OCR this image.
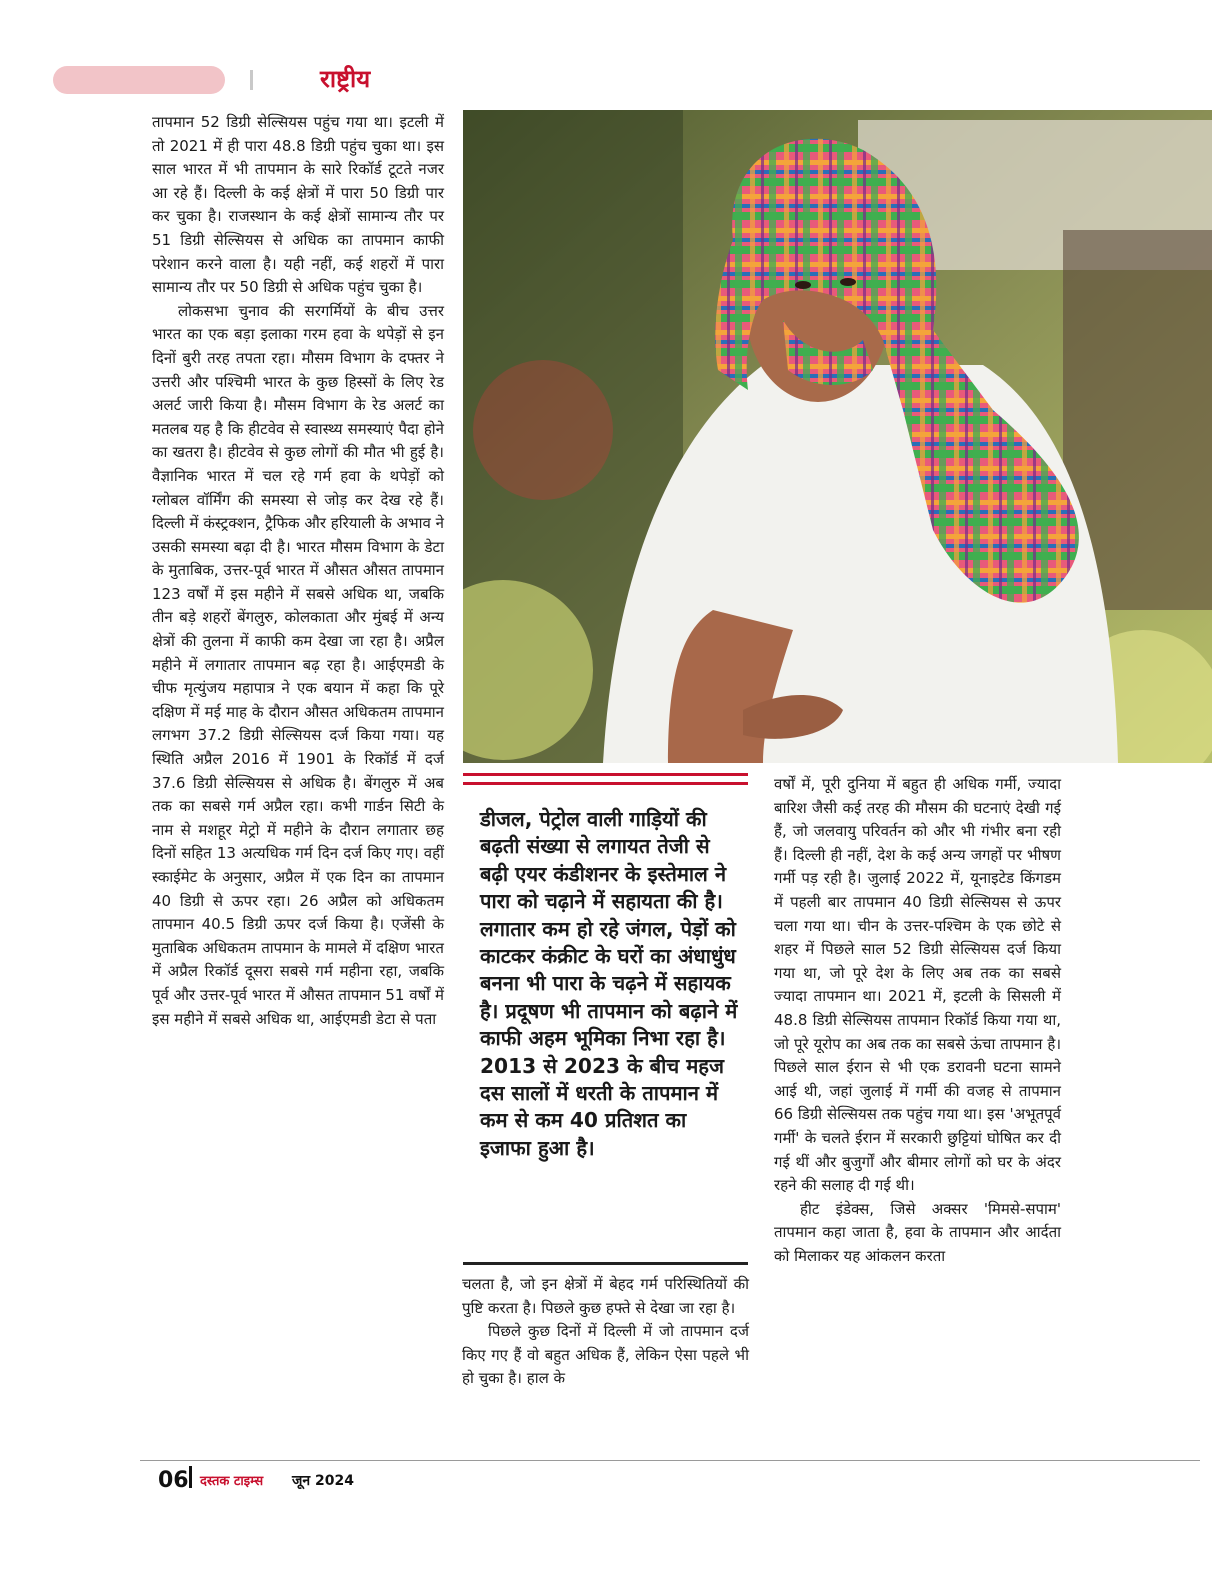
राष्ट्रीय

तापमान 52 डिग्री सेल्सियस पहुंच गया था। इटली में तो 2021 में ही पारा 48.8 डिग्री पहुंच चुका था। इस साल भारत में भी तापमान के सारे रिकॉर्ड टूटते नजर आ रहे हैं। दिल्ली के कई क्षेत्रों में पारा 50 डिग्री पार कर चुका है। राजस्थान के कई क्षेत्रों सामान्य तौर पर 51 डिग्री सेल्सियस से अधिक का तापमान काफी परेशान करने वाला है। यही नहीं, कई शहरों में पारा सामान्य तौर पर 50 डिग्री से अधिक पहुंच चुका है।

लोकसभा चुनाव की सरगर्मियों के बीच उत्तर भारत का एक बड़ा इलाका गरम हवा के थपेड़ों से इन दिनों बुरी तरह तपता रहा। मौसम विभाग के दफ्तर ने उत्तरी और पश्चिमी भारत के कुछ हिस्सों के लिए रेड अलर्ट जारी किया है। मौसम विभाग के रेड अलर्ट का मतलब यह है कि हीटवेव से स्वास्थ्य समस्याएं पैदा होने का खतरा है। हीटवेव से कुछ लोगों की मौत भी हुई है। वैज्ञानिक भारत में चल रहे गर्म हवा के थपेड़ों को ग्लोबल वॉर्मिंग की समस्या से जोड़ कर देख रहे हैं। दिल्ली में कंस्ट्रक्शन, ट्रैफिक और हरियाली के अभाव ने उसकी समस्या बढ़ा दी है। भारत मौसम विभाग के डेटा के मुताबिक, उत्तर-पूर्व भारत में औसत औसत तापमान 123 वर्षों में इस महीने में सबसे अधिक था, जबकि तीन बड़े शहरों बेंगलुरु, कोलकाता और मुंबई में अन्य क्षेत्रों की तुलना में काफी कम देखा जा रहा है। अप्रैल महीने में लगातार तापमान बढ़ रहा है। आईएमडी के चीफ मृत्युंजय महापात्र ने एक बयान में कहा कि पूरे दक्षिण में मई माह के दौरान औसत अधिकतम तापमान लगभग 37.2 डिग्री सेल्सियस दर्ज किया गया। यह स्थिति अप्रैल 2016 में 1901 के रिकॉर्ड में दर्ज 37.6 डिग्री सेल्सियस से अधिक है। बेंगलुरु में अब तक का सबसे गर्म अप्रैल रहा। कभी गार्डन सिटी के नाम से मशहूर मेट्रो में महीने के दौरान लगातार छह दिनों सहित 13 अत्यधिक गर्म दिन दर्ज किए गए। वहीं स्काईमेट के अनुसार, अप्रैल में एक दिन का तापमान 40 डिग्री से ऊपर रहा। 26 अप्रैल को अधिकतम तापमान 40.5 डिग्री ऊपर दर्ज किया है। एजेंसी के मुताबिक अधिकतम तापमान के मामले में दक्षिण भारत में अप्रैल रिकॉर्ड दूसरा सबसे गर्म महीना रहा, जबकि पूर्व और उत्तर-पूर्व भारत में औसत तापमान 51 वर्षों में इस महीने में सबसे अधिक था, आईएमडी डेटा से पता

डीजल, पेट्रोल वाली गाड़ियों की बढ़ती संख्या से लगायत तेजी से बढ़ी एयर कंडीशनर के इस्तेमाल ने पारा को चढ़ाने में सहायता की है। लगातार कम हो रहे जंगल, पेड़ों को काटकर कंक्रीट के घरों का अंधाधुंध बनना भी पारा के चढ़ने में सहायक है। प्रदूषण भी तापमान को बढ़ाने में काफी अहम भूमिका निभा रहा है। 2013 से 2023 के बीच महज दस सालों में धरती के तापमान में कम से कम 40 प्रतिशत का इजाफा हुआ है।

चलता है, जो इन क्षेत्रों में बेहद गर्म परिस्थितियों की पुष्टि करता है। पिछले कुछ हफ्ते से देखा जा रहा है।

पिछले कुछ दिनों में दिल्ली में जो तापमान दर्ज किए गए हैं वो बहुत अधिक हैं, लेकिन ऐसा पहले भी हो चुका है। हाल के

वर्षों में, पूरी दुनिया में बहुत ही अधिक गर्मी, ज्यादा बारिश जैसी कई तरह की मौसम की घटनाएं देखी गई हैं, जो जलवायु परिवर्तन को और भी गंभीर बना रही हैं। दिल्ली ही नहीं, देश के कई अन्य जगहों पर भीषण गर्मी पड़ रही है। जुलाई 2022 में, यूनाइटेड किंगडम में पहली बार तापमान 40 डिग्री सेल्सियस से ऊपर चला गया था। चीन के उत्तर-पश्चिम के एक छोटे से शहर में पिछले साल 52 डिग्री सेल्सियस दर्ज किया गया था, जो पूरे देश के लिए अब तक का सबसे ज्यादा तापमान था। 2021 में, इटली के सिसली में 48.8 डिग्री सेल्सियस तापमान रिकॉर्ड किया गया था, जो पूरे यूरोप का अब तक का सबसे ऊंचा तापमान है। पिछले साल ईरान से भी एक डरावनी घटना सामने आई थी, जहां जुलाई में गर्मी की वजह से तापमान 66 डिग्री सेल्सियस तक पहुंच गया था। इस 'अभूतपूर्व गर्मी' के चलते ईरान में सरकारी छुट्टियां घोषित कर दी गई थीं और बुजुर्गों और बीमार लोगों को घर के अंदर रहने की सलाह दी गई थी।

हीट इंडेक्स, जिसे अक्सर 'मिमसे-सपाम' तापमान कहा जाता है, हवा के तापमान और आर्दता को मिलाकर यह आंकलन करता

06 दस्तक टाइम्स जून 2024
